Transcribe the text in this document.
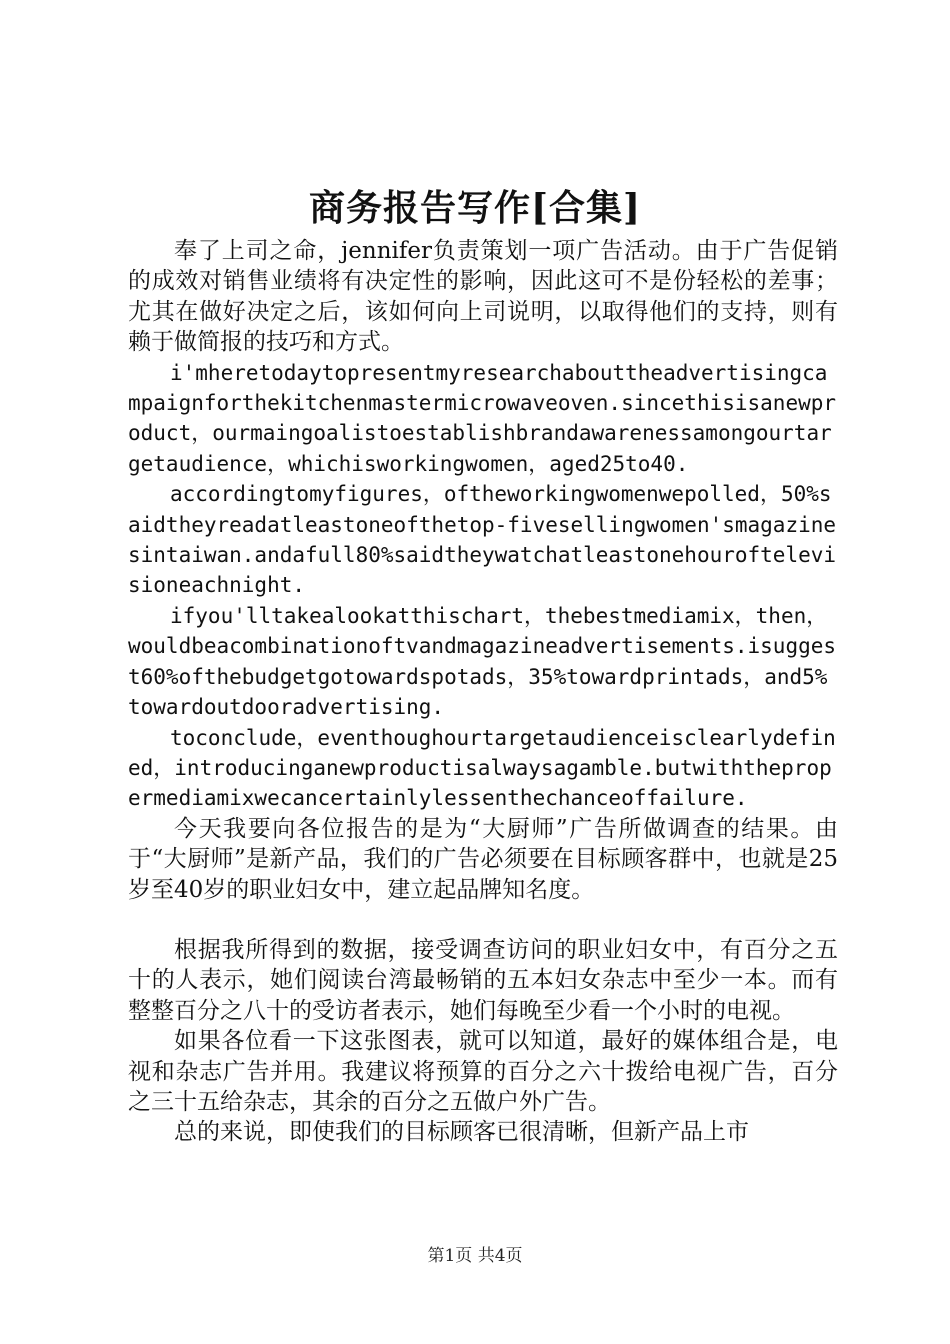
商务报告写作[合集]

奉了上司之命，jennifer负责策划一项广告活动。由于广告促销的成效对销售业绩将有决定性的影响，因此这可不是份轻松的差事；尤其在做好决定之后，该如何向上司说明，以取得他们的支持，则有赖于做简报的技巧和方式。

i'mheretodaytopresentmyresearchabouttheadvertisingcampaignforthekitchenmastermicrowaveoven.sincethisisanewproduct，ourmaingoalistoestablishbrandawarenessamongourtargetaudience，whichisworkingwomen，aged25to40.

accordingtomyfigures，oftheworkingwomenwepolled，50%saidtheyreadatleastoneofthetop-fivesellingwomen'smagazinesintaiwan.andafull80%saidtheywatchatleastonehouroftelevisioneachnight.

ifyou'lltakealookatthischart，thebestmediamix，then，wouldbeacombinationoftvandmagazineadvertisements.isuggest60%ofthebudgetgotowardspotads，35%towardprintads，and5%towardoutdooradvertising.

toconclude，eventhoughourtargetaudienceisclearlydefined，introducinganewproductisalwaysagamble.butwiththepropermediamixwecancertainlylessenthechanceoffailure.

今天我要向各位报告的是为“大厨师”广告所做调查的结果。由于“大厨师”是新产品，我们的广告必须要在目标顾客群中，也就是25岁至40岁的职业妇女中，建立起品牌知名度。

根据我所得到的数据，接受调查访问的职业妇女中，有百分之五十的人表示，她们阅读台湾最畅销的五本妇女杂志中至少一本。而有整整百分之八十的受访者表示，她们每晚至少看一个小时的电视。

如果各位看一下这张图表，就可以知道，最好的媒体组合是，电视和杂志广告并用。我建议将预算的百分之六十拨给电视广告，百分之三十五给杂志，其余的百分之五做户外广告。

总的来说，即使我们的目标顾客已很清晰，但新产品上市

第1页 共4页
